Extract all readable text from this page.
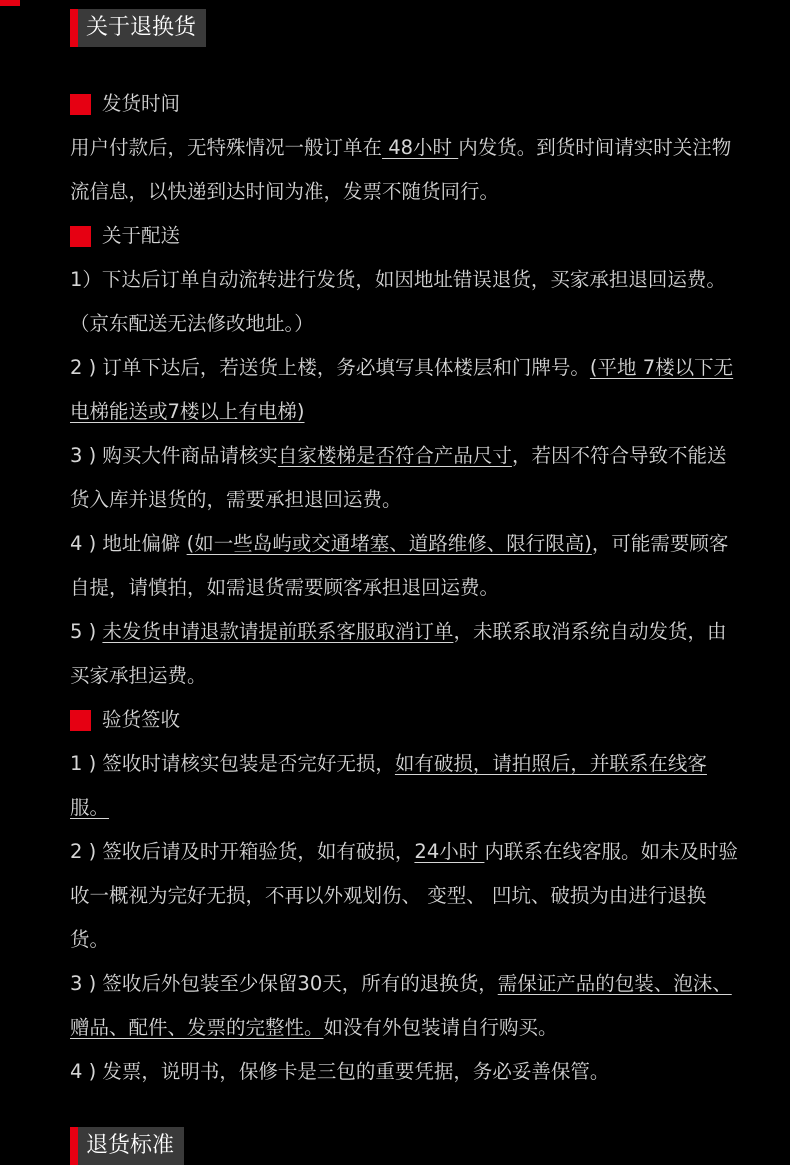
关于退换货
发货时间

用户付款后，无特殊情况一般订单在 48小时 内发货。到货时间请实时关注物流信息，以快递到达时间为准，发票不随货同行。

关于配送

1）下达后订单自动流转进行发货，如因地址错误退货，买家承担退回运费。（京东配送无法修改地址。）

2 ) 订单下达后，若送货上楼，务必填写具体楼层和门牌号。(平地 7楼以下无电梯能送或7楼以上有电梯)

3 ) 购买大件商品请核实自家楼梯是否符合产品尺寸，若因不符合导致不能送货入库并退货的，需要承担退回运费。

4 ) 地址偏僻 (如一些岛屿或交通堵塞、道路维修、限行限高)，可能需要顾客自提，请慎拍，如需退货需要顾客承担退回运费。

5 ) 未发货申请退款请提前联系客服取消订单，未联系取消系统自动发货，由买家承担运费。

验货签收

1 ) 签收时请核实包装是否完好无损，如有破损，请拍照后，并联系在线客服。

2 ) 签收后请及时开箱验货，如有破损，24小时 内联系在线客服。如未及时验收一概视为完好无损，不再以外观划伤、 变型、 凹坑、破损为由进行退换货。

3 ) 签收后外包装至少保留30天，所有的退换货，需保证产品的包装、泡沫、赠品、配件、发票的完整性。如没有外包装请自行购买。

4 ) 发票，说明书，保修卡是三包的重要凭据，务必妥善保管。

退货标准
